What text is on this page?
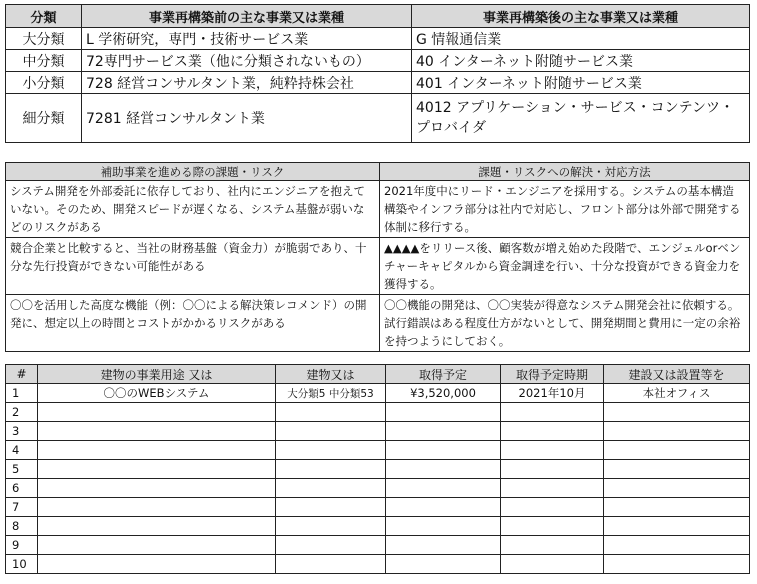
分類	事業再構築前の主な事業又は業種	事業再構築後の主な事業又は業種
大分類	L 学術研究，専門・技術サービス業	G 情報通信業
中分類	72専門サービス業（他に分類されないもの）	40 インターネット附随サービス業
小分類	728 経営コンサルタント業，純粋持株会社	401 インターネット附随サービス業
細分類	7281 経営コンサルタント業	4012 アプリケーション・サービス・コンテンツ・プロバイダ
補助事業を進める際の課題・リスク	課題・リスクへの解決・対応方法
システム開発を外部委託に依存しており、社内にエンジニアを抱えていない。そのため、開発スピードが遅くなる、システム基盤が弱いなどのリスクがある	2021年度中にリード・エンジニアを採用する。システムの基本構造構築やインフラ部分は社内で対応し、フロント部分は外部で開発する体制に移行する。
競合企業と比較すると、当社の財務基盤（資金力）が脆弱であり、十分な先行投資ができない可能性がある	▲▲▲▲をリリース後、顧客数が増え始めた段階で、エンジェルorベンチャーキャピタルから資金調達を行い、十分な投資ができる資金力を獲得する。
〇〇を活用した高度な機能（例：〇〇による解決策レコメンド）の開発に、想定以上の時間とコストがかかるリスクがある	〇〇機能の開発は、〇〇実装が得意なシステム開発会社に依頼する。試行錯誤はある程度仕方がないとして、開発期間と費用に一定の余裕を持つようにしておく。
#	建物の事業用途 又は	建物又は	取得予定	取得予定時期	建設又は設置等を
1	〇〇のWEBシステム	大分類5 中分類53	¥3,520,000	2021年10月	本社オフィス
2					
3					
4					
5					
6					
7					
8					
9					
10					
